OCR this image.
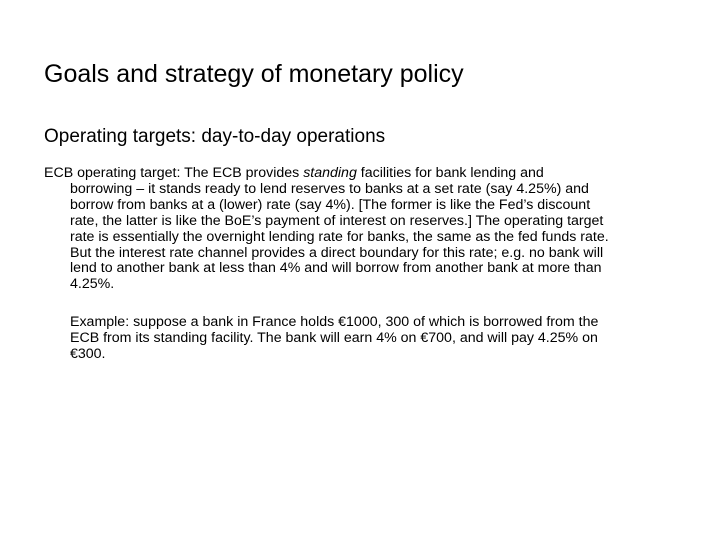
Goals and strategy of monetary policy
Operating targets: day-to-day operations
ECB operating target: The ECB provides standing facilities for bank lending and
borrowing – it stands ready to lend reserves to banks at a set rate (say 4.25%) and
borrow from banks at a (lower) rate (say 4%). [The former is like the Fed’s discount
rate, the latter is like the BoE’s payment of interest on reserves.] The operating target
rate is essentially the overnight lending rate for banks, the same as the fed funds rate.
But the interest rate channel provides a direct boundary for this rate; e.g. no bank will
lend to another bank at less than 4% and will borrow from another bank at more than
4.25%.
Example: suppose a bank in France holds €1000, 300 of which is borrowed from the
ECB from its standing facility. The bank will earn 4% on €700, and will pay 4.25% on
€300.
